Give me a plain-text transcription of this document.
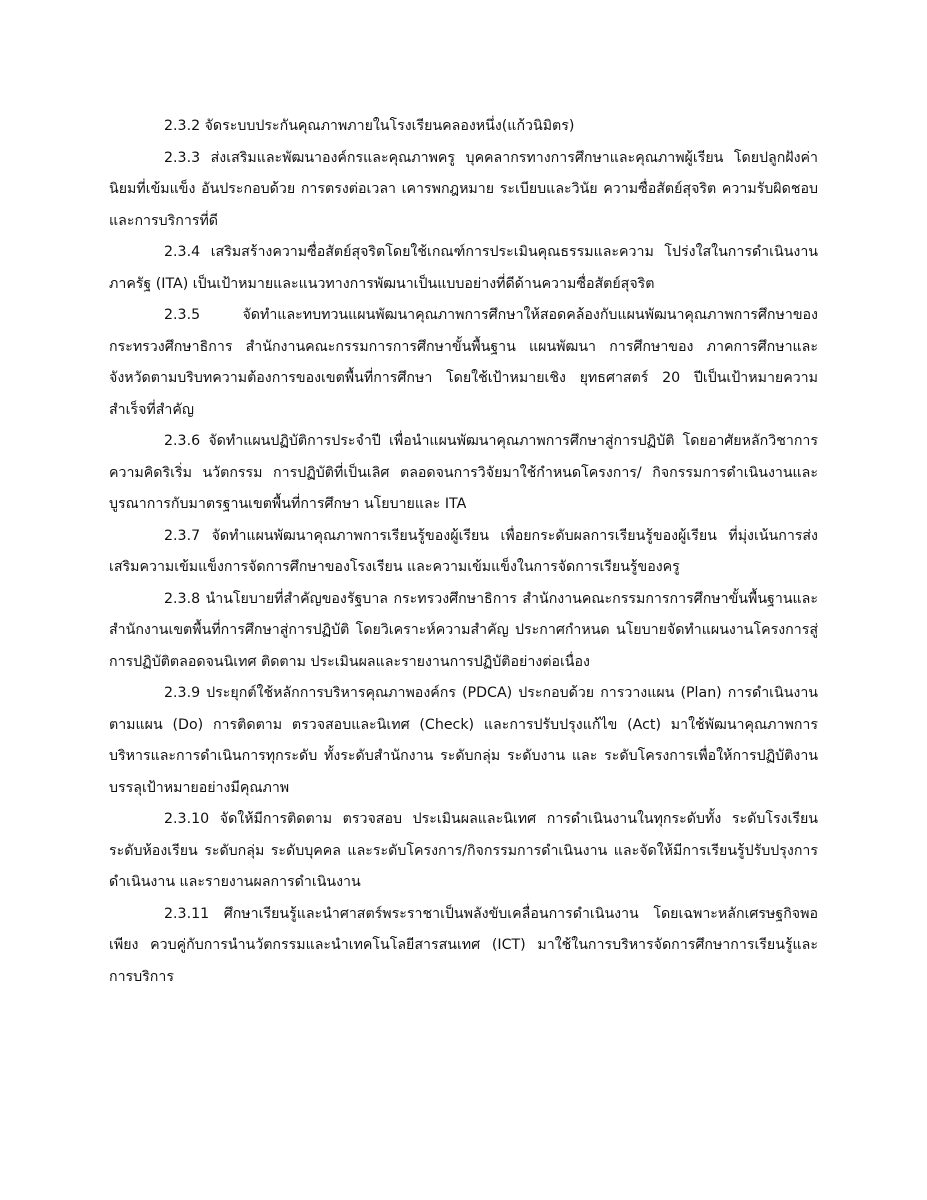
2.3.2 จัดระบบประกันคุณภาพภายในโรงเรียนคลองหนึ่ง(แก้วนิมิตร)

2.3.3 ส่งเสริมและพัฒนาองค์กรและคุณภาพครู บุคคลากรทางการศึกษาและคุณภาพผู้เรียน โดยปลูกฝังค่านิยมที่เข้มแข็ง อันประกอบด้วย การตรงต่อเวลา เคารพกฎหมาย ระเบียบและวินัย ความซื่อสัตย์สุจริต ความรับผิดชอบและการบริการที่ดี

2.3.4 เสริมสร้างความซื่อสัตย์สุจริตโดยใช้เกณฑ์การประเมินคุณธรรมและความ โปร่งใสในการดำเนินงานภาครัฐ (ITA) เป็นเป้าหมายและแนวทางการพัฒนาเป็นแบบอย่างที่ดีด้านความซื่อสัตย์สุจริต

2.3.5 จัดทำและทบทวนแผนพัฒนาคุณภาพการศึกษาให้สอดคล้องกับแผนพัฒนาคุณภาพการศึกษาของกระทรวงศึกษาธิการ สำนักงานคณะกรรมการการศึกษาขั้นพื้นฐาน แผนพัฒนา การศึกษาของ ภาคการศึกษาและจังหวัดตามบริบทความต้องการของเขตพื้นที่การศึกษา โดยใช้เป้าหมายเชิง ยุทธศาสตร์ 20 ปีเป็นเป้าหมายความสำเร็จที่สำคัญ

2.3.6 จัดทำแผนปฏิบัติการประจำปี เพื่อนำแผนพัฒนาคุณภาพการศึกษาสู่การปฏิบัติ โดยอาศัยหลักวิชาการ ความคิดริเริ่ม นวัตกรรม การปฏิบัติที่เป็นเลิศ ตลอดจนการวิจัยมาใช้กำหนดโครงการ/ กิจกรรมการดำเนินงานและบูรณาการกับมาตรฐานเขตพื้นที่การศึกษา นโยบายและ ITA

2.3.7 จัดทำแผนพัฒนาคุณภาพการเรียนรู้ของผู้เรียน เพื่อยกระดับผลการเรียนรู้ของผู้เรียน ที่มุ่งเน้นการส่งเสริมความเข้มแข็งการจัดการศึกษาของโรงเรียน และความเข้มแข็งในการจัดการเรียนรู้ของครู

2.3.8 นำนโยบายที่สำคัญของรัฐบาล กระทรวงศึกษาธิการ สำนักงานคณะกรรมการการศึกษาขั้นพื้นฐานและสำนักงานเขตพื้นที่การศึกษาสู่การปฏิบัติ โดยวิเคราะห์ความสำคัญ ประกาศกำหนด นโยบายจัดทำแผนงานโครงการสู่การปฏิบัติตลอดจนนิเทศ ติดตาม ประเมินผลและรายงานการปฏิบัติอย่างต่อเนื่อง

2.3.9 ประยุกต์ใช้หลักการบริหารคุณภาพองค์กร (PDCA) ประกอบด้วย การวางแผน (Plan) การดำเนินงานตามแผน (Do) การติดตาม ตรวจสอบและนิเทศ (Check) และการปรับปรุงแก้ไข (Act) มาใช้พัฒนาคุณภาพการบริหารและการดำเนินการทุกระดับ ทั้งระดับสำนักงาน ระดับกลุ่ม ระดับงาน และ ระดับโครงการเพื่อให้การปฏิบัติงานบรรลุเป้าหมายอย่างมีคุณภาพ

2.3.10 จัดให้มีการติดตาม ตรวจสอบ ประเมินผลและนิเทศ การดำเนินงานในทุกระดับทั้ง ระดับโรงเรียนระดับห้องเรียน ระดับกลุ่ม ระดับบุคคล และระดับโครงการ/กิจกรรมการดำเนินงาน และจัดให้มีการเรียนรู้ปรับปรุงการดำเนินงาน และรายงานผลการดำเนินงาน

2.3.11 ศึกษาเรียนรู้และนำศาสตร์พระราชาเป็นพลังขับเคลื่อนการดำเนินงาน โดยเฉพาะหลักเศรษฐกิจพอเพียง ควบคู่กับการนำนวัตกรรมและนำเทคโนโลยีสารสนเทศ (ICT) มาใช้ในการบริหารจัดการศึกษาการเรียนรู้และการบริการ
